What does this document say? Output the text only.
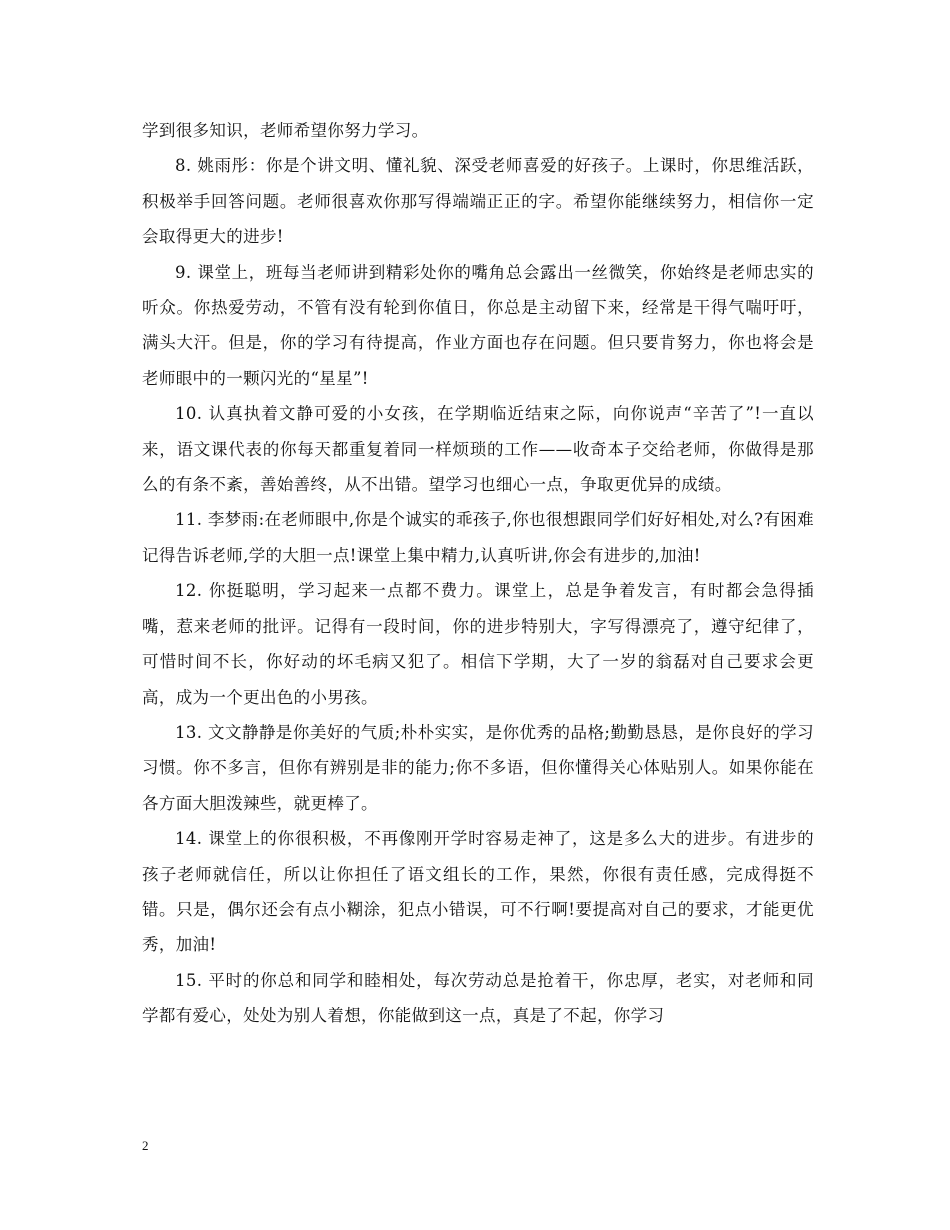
学到很多知识，老师希望你努力学习。

8. 姚雨彤：你是个讲文明、懂礼貌、深受老师喜爱的好孩子。上课时，你思维活跃，积极举手回答问题。老师很喜欢你那写得端端正正的字。希望你能继续努力，相信你一定会取得更大的进步!

9. 课堂上，班每当老师讲到精彩处你的嘴角总会露出一丝微笑，你始终是老师忠实的听众。你热爱劳动，不管有没有轮到你值日，你总是主动留下来，经常是干得气喘吁吁，满头大汗。但是，你的学习有待提高，作业方面也存在问题。但只要肯努力，你也将会是老师眼中的一颗闪光的“星星”!

10. 认真执着文静可爱的小女孩，在学期临近结束之际，向你说声“辛苦了”!一直以来，语文课代表的你每天都重复着同一样烦琐的工作——收奇本子交给老师，你做得是那么的有条不紊，善始善终，从不出错。望学习也细心一点，争取更优异的成绩。

11. 李梦雨:在老师眼中,你是个诚实的乖孩子,你也很想跟同学们好好相处,对么?有困难记得告诉老师,学的大胆一点!课堂上集中精力,认真听讲,你会有进步的,加油!

12. 你挺聪明，学习起来一点都不费力。课堂上，总是争着发言，有时都会急得插嘴，惹来老师的批评。记得有一段时间，你的进步特别大，字写得漂亮了，遵守纪律了，可惜时间不长，你好动的坏毛病又犯了。相信下学期，大了一岁的翁磊对自己要求会更高，成为一个更出色的小男孩。

13. 文文静静是你美好的气质;朴朴实实，是你优秀的品格;勤勤恳恳，是你良好的学习习惯。你不多言，但你有辨别是非的能力;你不多语，但你懂得关心体贴别人。如果你能在各方面大胆泼辣些，就更棒了。

14. 课堂上的你很积极，不再像刚开学时容易走神了，这是多么大的进步。有进步的孩子老师就信任，所以让你担任了语文组长的工作，果然，你很有责任感，完成得挺不错。只是，偶尔还会有点小糊涂，犯点小错误，可不行啊!要提高对自己的要求，才能更优秀，加油!

15. 平时的你总和同学和睦相处，每次劳动总是抢着干，你忠厚，老实，对老师和同学都有爱心，处处为别人着想，你能做到这一点，真是了不起，你学习

2
